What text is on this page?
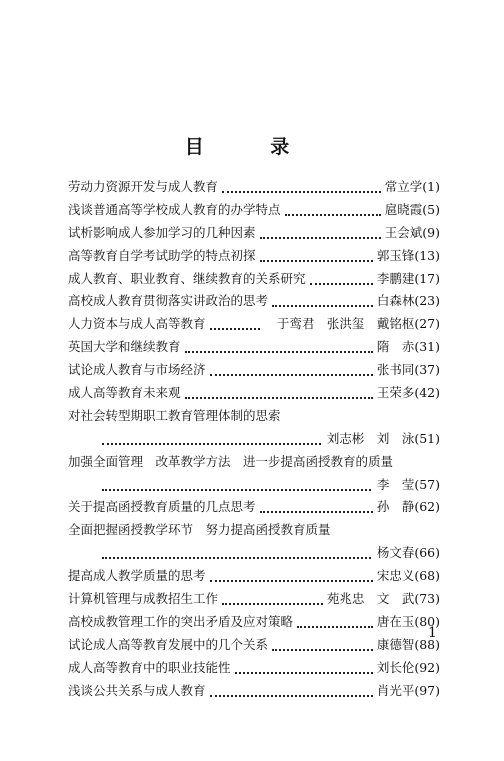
目 录
劳动力资源开发与成人教育	常立学 (1)
浅谈普通高等学校成人教育的办学特点	扈晓霞 (5)
试析影响成人参加学习的几种因素	王会斌 (9)
高等教育自学考试助学的特点初探	郭玉锋 (13)
成人教育、职业教育、继续教育的关系研究	李鹏建 (17)
高校成人教育贯彻落实讲政治的思考	白森林 (23)
人力资本与成人高等教育	于鸾君　张洪玺　戴铭枢 (27)
英国大学和继续教育	隋　赤 (31)
试论成人教育与市场经济	张书同 (37)
成人高等教育未来观	王荣多 (42)
对社会转型期职工教育管理体制的思索
刘志彬　刘　泳 (51)
加强全面管理　改革教学方法　进一步提高函授教育的质量
李　莹 (57)
关于提高函授教育质量的几点思考	孙　静 (62)
全面把握函授教学环节　努力提高函授教育质量
杨文春 (66)
提高成人教学质量的思考	宋忠义 (68)
计算机管理与成教招生工作	苑兆忠　文　武 (73)
高校成教管理工作的突出矛盾及应对策略	唐在玉 (80)
试论成人高等教育发展中的几个关系	康德智 (88)
成人高等教育中的职业技能性	刘长伦 (92)
浅谈公共关系与成人教育	肖光平 (97)
1
